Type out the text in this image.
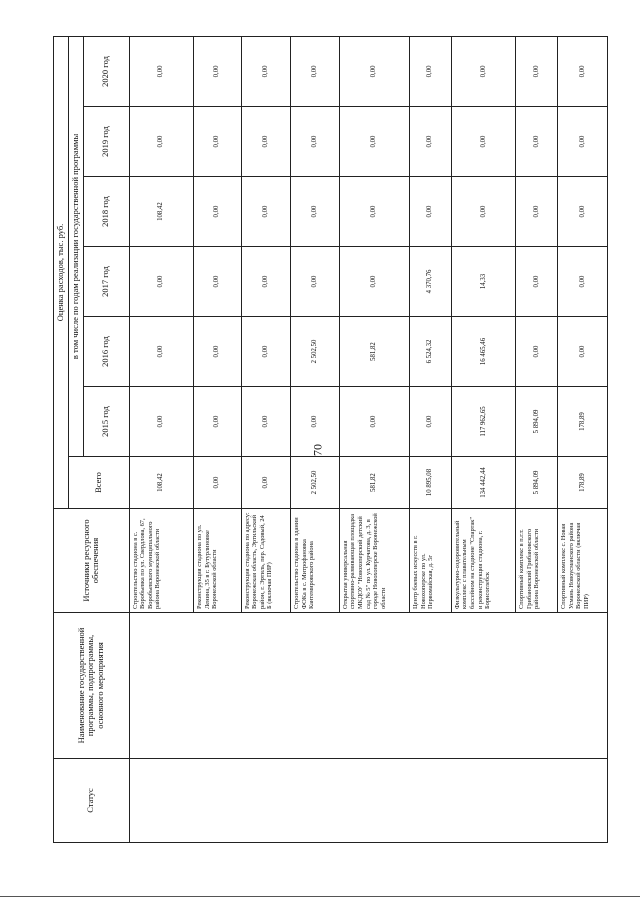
70
Статус	Наименование государственной программы, подпрограммы, основного мероприятия	Источники ресурсного обеспечения	Оценка расходов, тыс. руб.						
			Всего	в том числе по годам реализации государственной программы					
				2015 год	2016 год	2017 год	2018 год	2019 год	2020 год
		Строительство стадиона в с. Воробьевка по ул. Свердлова, 67, Воробьевского муниципального района Воронежской области	108,42	0,00	0,00	0,00	108,42	0,00	0,00
		Реконструкция стадиона по ул. Ленина, 35 в г. Бутурлиновке Воронежской области	0,00	0,00	0,00	0,00	0,00	0,00	0,00
		Реконструкция стадиона по адресу: Воронежская область, Эртильский район, г. Эртиль, пер. Садовый, 24 Б (включая ПИР)	0,00	0,00	0,00	0,00	0,00	0,00	0,00
		Строительство стадиона в здании ФОКа в с. Митрофановка Кантемировского района	2 502,50	0,00	2 502,50	0,00	0,00	0,00	0,00
		Открытая универсальная спортивно-развивающая площадка МКДОУ "Новохоперский детский сад № 5" по ул. Курчатова, д. 3, в городе Новохоперске Воронежской области	581,82	0,00	581,82	0,00	0,00	0,00	0,00
		Центр боевых искусств в г. Новохоперске по ул. Первомайская, д. 5г	10 895,08	0,00	6 524,32	4 370,76	0,00	0,00	0,00
		Физкультурно-оздоровительный комплекс с плавательным бассейном на стадионе "Спартак" и реконструкция стадиона, г. Борисоглебск	134 442,44	117 962,65	16 465,46	14,33	0,00	0,00	0,00
		Спортивный комплекс в п.г.т. Грибановский Грибановского района Воронежской области	5 894,09	5 894,09	0,00	0,00	0,00	0,00	0,00
		Спортивный комплекс с. Новая Усмань Новоусманского района Воронежской области (включая ПИР)	178,89	178,89	0,00	0,00	0,00	0,00	0,00
